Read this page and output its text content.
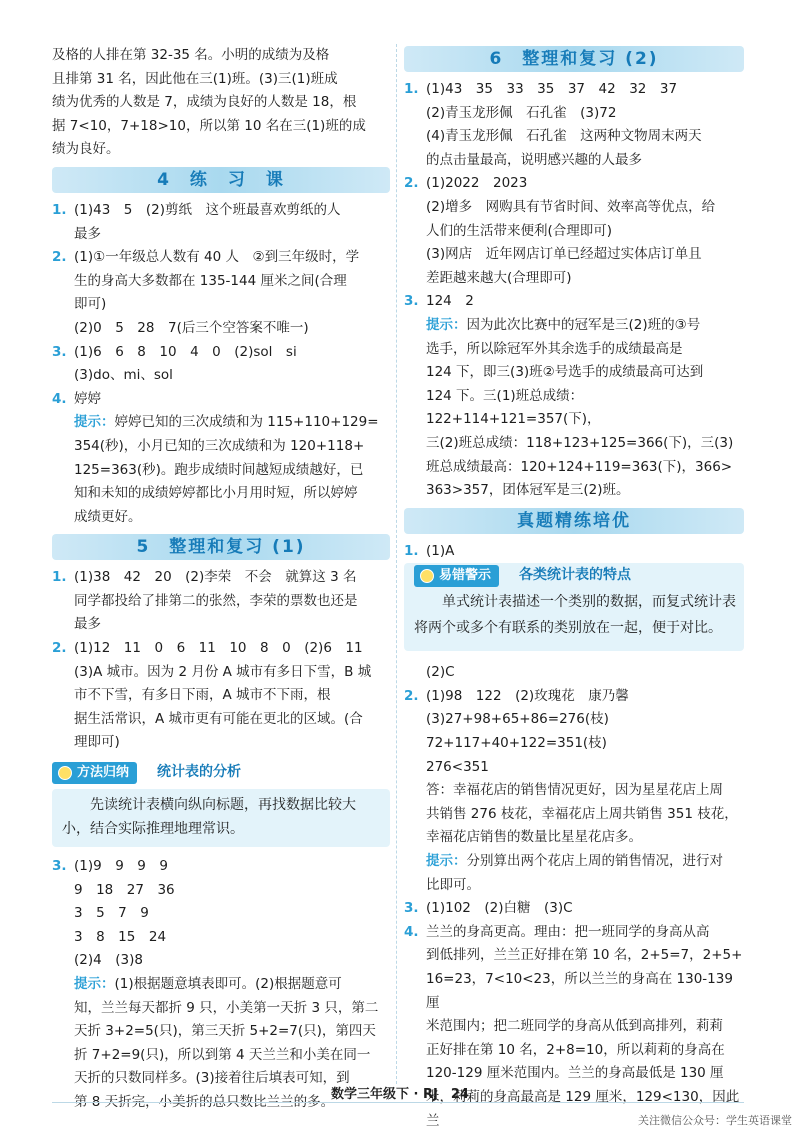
及格的人排在第 32-35 名。小明的成绩为及格
且排第 31 名，因此他在三(1)班。(3)三(1)班成
绩为优秀的人数是 7，成绩为良好的人数是 18，根
据 7<10，7+18>10，所以第 10 名在三(1)班的成
绩为良好。
4　练　习　课
1. (1)43　5　(2)剪纸　这个班最喜欢剪纸的人
最多
2. (1)①一年级总人数有 40 人　②到三年级时，学
生的身高大多数都在 135-144 厘米之间(合理
即可)
(2)0　5　28　7(后三个空答案不唯一)
3. (1)6　6　8　10　4　0　(2)sol　si
(3)do、mi、sol
4. 婷婷
提示：婷婷已知的三次成绩和为 115+110+129=
354(秒)，小月已知的三次成绩和为 120+118+
125=363(秒)。跑步成绩时间越短成绩越好，已
知和未知的成绩婷婷都比小月用时短，所以婷婷
成绩更好。
5　整理和复习 (1)
1. (1)38　42　20　(2)李荣　不会　就算这 3 名
同学都投给了排第二的张然，李荣的票数也还是
最多
2. (1)12　11　0　6　11　10　8　0　(2)6　11
(3)A 城市。因为 2 月份 A 城市有多日下雪，B 城
市不下雪，有多日下雨，A 城市不下雨，根
据生活常识，A 城市更有可能在更北的区域。(合
理即可)
方法归纳 统计表的分析
先读统计表横向纵向标题，再找数据比较大小，结合实际推理地理常识。
3. (1)9　9　9　9
9　18　27　36
3　5　7　9
3　8　15　24
(2)4　(3)8
提示：(1)根据题意填表即可。(2)根据题意可
知，兰兰每天都折 9 只，小美第一天折 3 只，第二
天折 3+2=5(只)，第三天折 5+2=7(只)，第四天
折 7+2=9(只)，所以到第 4 天兰兰和小美在同一
天折的只数同样多。(3)接着往后填表可知，到
第 8 天折完，小美折的总只数比兰兰的多。
6　整理和复习 (2)
1. (1)43　35　33　35　37　42　32　37
(2)青玉龙形佩　石孔雀　(3)72
(4)青玉龙形佩　石孔雀　这两种文物周末两天
的点击量最高，说明感兴趣的人最多
2. (1)2022　2023
(2)增多　网购具有节省时间、效率高等优点，给
人们的生活带来便利(合理即可)
(3)网店　近年网店订单已经超过实体店订单且
差距越来越大(合理即可)
3. 124　2
提示：因为此次比赛中的冠军是三(2)班的③号
选手，所以除冠军外其余选手的成绩最高是
124 下，即三(3)班②号选手的成绩最高可达到
124 下。三(1)班总成绩：122+114+121=357(下)，
三(2)班总成绩：118+123+125=366(下)，三(3)
班总成绩最高：120+124+119=363(下)，366>
363>357，团体冠军是三(2)班。
真题精练培优
1. (1)A
易错警示 各类统计表的特点
单式统计表描述一个类别的数据，而复式统计表将两个或多个有联系的类别放在一起，便于对比。
(2)C
2. (1)98　122　(2)玫瑰花　康乃馨
(3)27+98+65+86=276(枝)
72+117+40+122=351(枝)
276<351
答：幸福花店的销售情况更好，因为星星花店上周
共销售 276 枝花，幸福花店上周共销售 351 枝花，
幸福花店销售的数量比星星花店多。
提示：分别算出两个花店上周的销售情况，进行对
比即可。
3. (1)102　(2)白糖　(3)C
4. 兰兰的身高更高。理由：把一班同学的身高从高
到低排列，兰兰正好排在第 10 名，2+5=7，2+5+
16=23，7<10<23，所以兰兰的身高在 130-139 厘
米范围内；把二班同学的身高从低到高排列，莉莉
正好排在第 10 名，2+8=10，所以莉莉的身高在
120-129 厘米范围内。兰兰的身高最低是 130 厘
米，莉莉的身高最高是 129 厘米，129<130，因此兰
数学三年级下 · RJ　24
关注微信公众号：学生英语课堂
